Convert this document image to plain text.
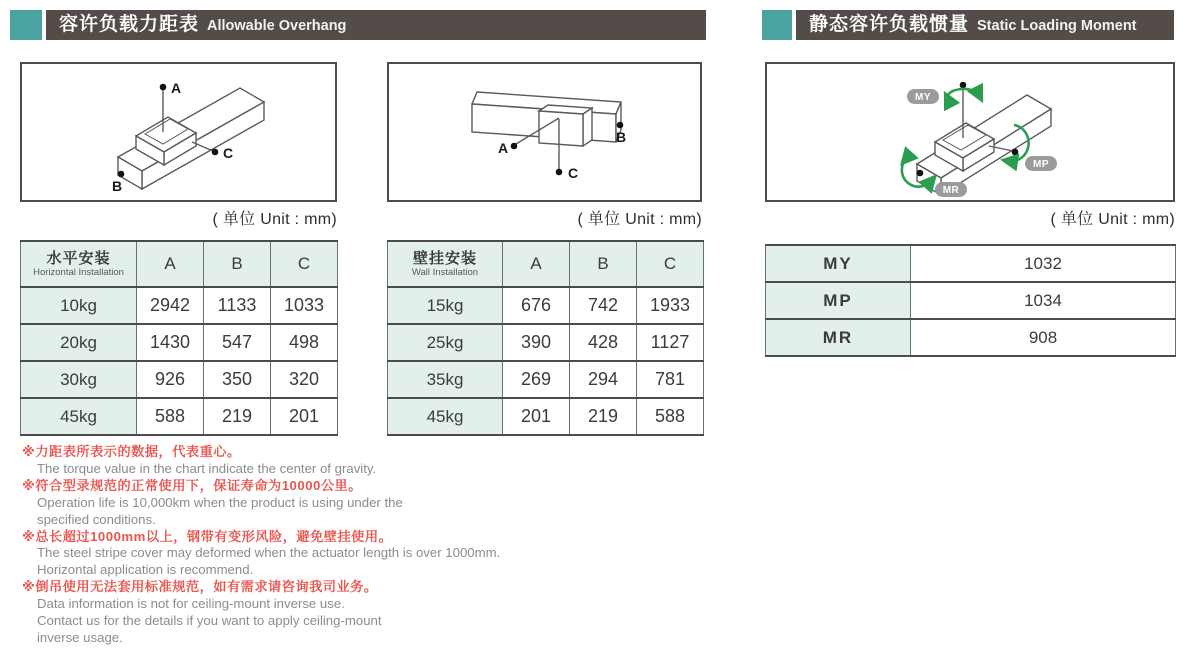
容许负载力距表 Allowable Overhang	静态容许负载惯量 Static Loading Moment
A
C
B
( 单位 Unit : mm)
A
C
B
( 单位 Unit : mm)
MY
MP
MR
( 单位 Unit : mm)
水平安装
Horizontal Installation	A	B	C
10kg	2942	1133	1033
20kg	1430	547	498
30kg	926	350	320
45kg	588	219	201
壁挂安装
Wall Installation	A	B	C
15kg	676	742	1933
25kg	390	428	1127
35kg	269	294	781
45kg	201	219	588
MY	1032
MP	1034
MR	908
※力距表所表示的数据，代表重心。
The torque value in the chart indicate the center of gravity.
※符合型录规范的正常使用下，保证寿命为10000公里。
Operation life is 10,000km when the product is using under the
specified conditions.
※总长超过1000mm以上，钢带有变形风险，避免壁挂使用。
The steel stripe cover may deformed when the actuator length is over 1000mm.
Horizontal application is recommend.
※倒吊使用无法套用标准规范，如有需求请咨询我司业务。
Data information is not for ceiling-mount inverse use.
Contact us for the details if you want to apply ceiling-mount
inverse usage.
